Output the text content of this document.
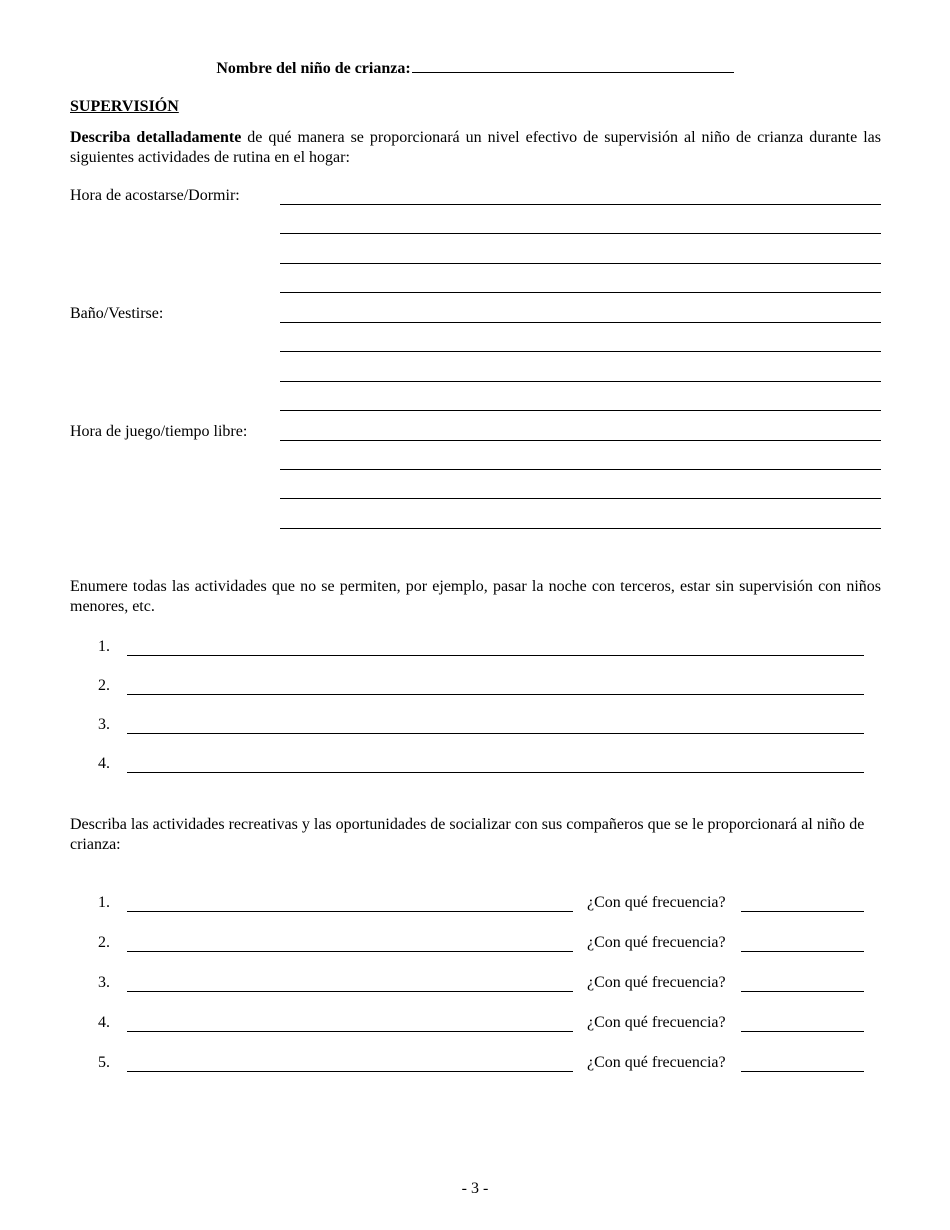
Nombre del niño de crianza:
SUPERVISIÓN
Describa detalladamente de qué manera se proporcionará un nivel efectivo de supervisión al niño de crianza durante las siguientes actividades de rutina en el hogar:
Hora de acostarse/Dormir:
Baño/Vestirse:
Hora de juego/tiempo libre:
Enumere todas las actividades que no se permiten, por ejemplo, pasar la noche con terceros, estar sin supervisión con niños menores, etc.
1.
2.
3.
4.
Describa las actividades recreativas y las oportunidades de socializar con sus compañeros que se le proporcionará al niño de crianza:
1.	¿Con qué frecuencia?
2.	¿Con qué frecuencia?
3.	¿Con qué frecuencia?
4.	¿Con qué frecuencia?
5.	¿Con qué frecuencia?
- 3 -
